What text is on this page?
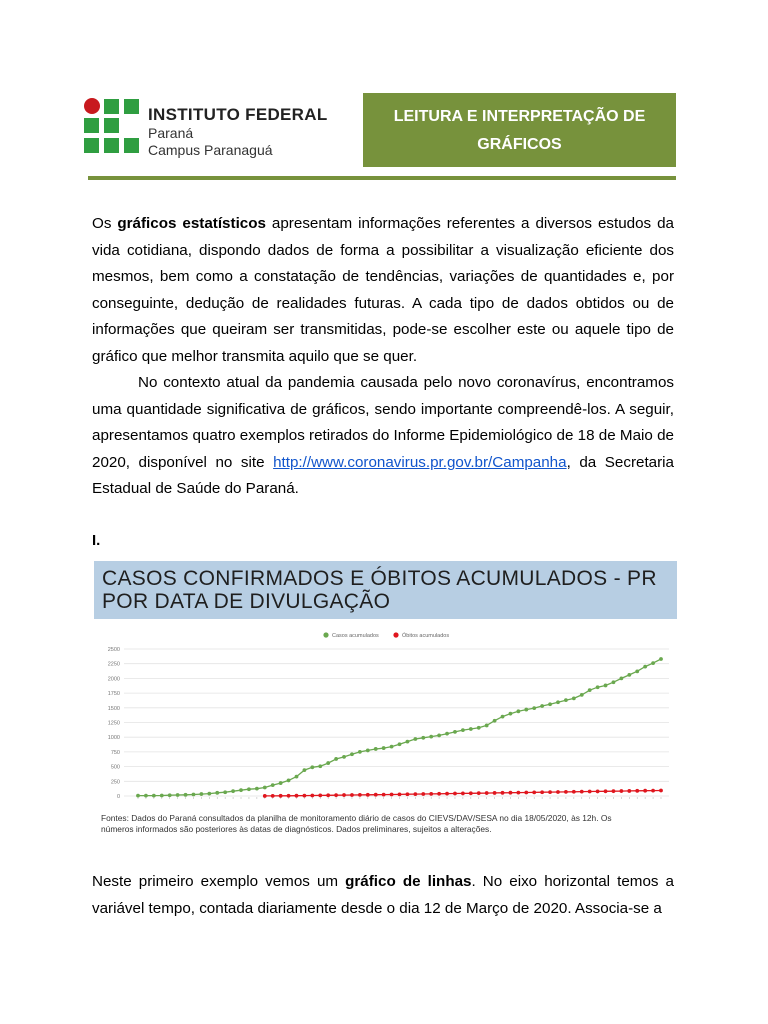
INSTITUTO FEDERAL
Paraná
Campus Paranaguá
LEITURA E INTERPRETAÇÃO DE
GRÁFICOS
Os gráficos estatísticos apresentam informações referentes a diversos estudos da vida cotidiana, dispondo dados de forma a possibilitar a visualização eficiente dos mesmos, bem como a constatação de tendências, variações de quantidades e, por conseguinte, dedução de realidades futuras. A cada tipo de dados obtidos ou de informações que queiram ser transmitidas, pode-se escolher este ou aquele tipo de gráfico que melhor transmita aquilo que se quer.
No contexto atual da pandemia causada pelo novo coronavírus, encontramos uma quantidade significativa de gráficos, sendo importante compreendê-los. A seguir, apresentamos quatro exemplos retirados do Informe Epidemiológico de 18 de Maio de 2020, disponível no site http://www.coronavirus.pr.gov.br/Campanha, da Secretaria Estadual de Saúde do Paraná.
I.
CASOS CONFIRMADOS E ÓBITOS ACUMULADOS - PR
POR DATA DE DIVULGAÇÃO
0
250
500
750
1000
1250
1500
1750
2000
2250
2500
Casos acumulados	Óbitos acumulados
Fontes: Dados do Paraná consultados da planilha de monitoramento diário de casos do CIEVS/DAV/SESA no dia 18/05/2020, às 12h. Os
números informados são posteriores às datas de diagnósticos. Dados preliminares, sujeitos a alterações.
Neste primeiro exemplo vemos um gráfico de linhas. No eixo horizontal temos a variável tempo, contada diariamente desde o dia 12 de Março de 2020. Associa-se a
